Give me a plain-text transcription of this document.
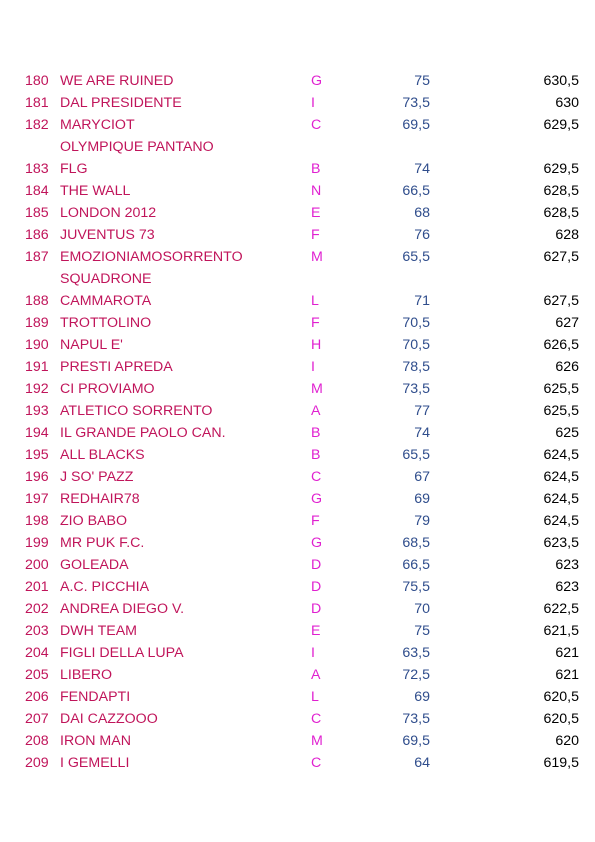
180 WE ARE RUINED	G	75	630,5
181 DAL PRESIDENTE	I	73,5	630
182 MARYCIOT	C	69,5	629,5
OLYMPIQUE PANTANO
183 FLG	B	74	629,5
184 THE WALL	N	66,5	628,5
185 LONDON 2012	E	68	628,5
186 JUVENTUS 73	F	76	628
187 EMOZIONIAMOSORRENTO	M	65,5	627,5
SQUADRONE
188 CAMMAROTA	L	71	627,5
189 TROTTOLINO	F	70,5	627
190 NAPUL E'	H	70,5	626,5
191 PRESTI APREDA	I	78,5	626
192 CI PROVIAMO	M	73,5	625,5
193 ATLETICO SORRENTO	A	77	625,5
194 IL GRANDE PAOLO CAN.	B	74	625
195 ALL BLACKS	B	65,5	624,5
196 J SO' PAZZ	C	67	624,5
197 REDHAIR78	G	69	624,5
198 ZIO BABO	F	79	624,5
199 MR PUK F.C.	G	68,5	623,5
200 GOLEADA	D	66,5	623
201 A.C. PICCHIA	D	75,5	623
202 ANDREA DIEGO V.	D	70	622,5
203 DWH TEAM	E	75	621,5
204 FIGLI DELLA LUPA	I	63,5	621
205 LIBERO	A	72,5	621
206 FENDAPTI	L	69	620,5
207 DAI CAZZOOO	C	73,5	620,5
208 IRON MAN	M	69,5	620
209 I GEMELLI	C	64	619,5
